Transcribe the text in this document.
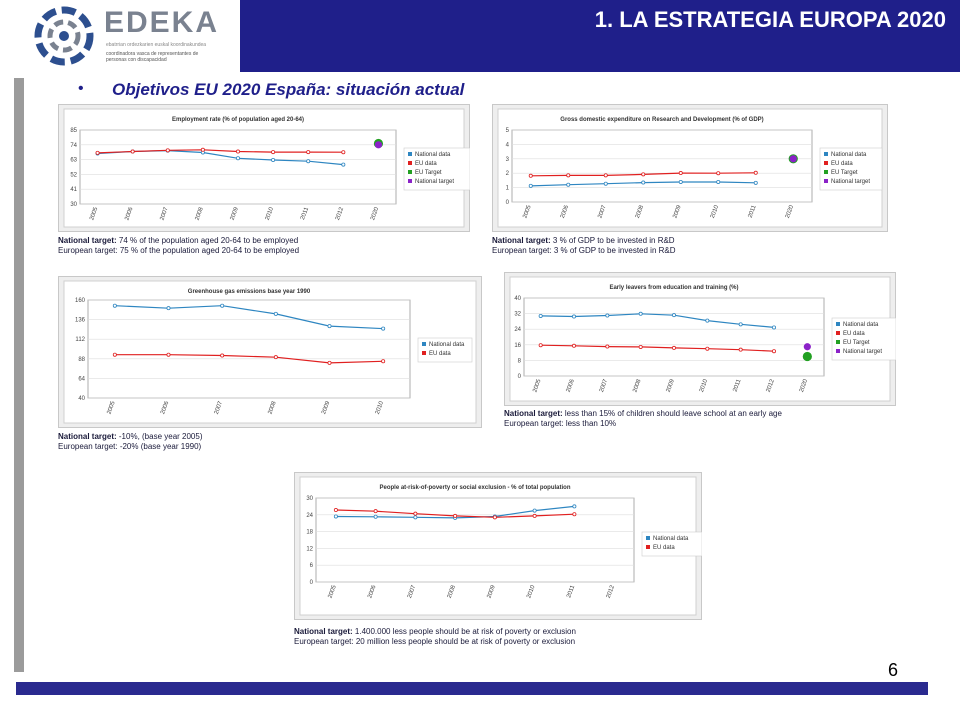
1. LA ESTRATEGIA EUROPA 2020
EDEKA
ebatrrian ordezkarien euskal koordinakundea
coordinadora vasca de representantes de personas con discapacidad
• Objetivos EU 2020 España: situación actual
Employment rate (% of population aged 20-64)
30
41
52
63
74
85
2005	2006	2007	2008	2009	2010	2011	2012	2020
National data
EU data
EU Target
National target
Gross domestic expenditure on Research and Development (% of GDP)
0
1
2
3
4
5
2005	2006	2007	2008	2009	2010	2011	2020
National data
EU data
EU Target
National target
Greenhouse gas emissions base year 1990
40
64
88
112
136
160
2005	2006	2007	2008	2009	2010
National data
EU data
Early leavers from education and training (%)
0
8
16
24
32
40
2005	2006	2007	2008	2009	2010	2011	2012	2020
National data
EU data
EU Target
National target
People at-risk-of-poverty or social exclusion - % of total population
0
6
12
18
24
30
2005	2006	2007	2008	2009	2010	2011	2012
National data
EU data
National target: 74 % of the population aged 20-64 to be employed
European target: 75 % of the population aged 20-64 to be employed
National target: 3 % of GDP to be invested in R&D
European target: 3 % of GDP to be invested in R&D
National target: -10%, (base year 2005)
European target: -20% (base year 1990)
National target: less than 15% of children should leave school at an early age
European target: less than 10%
National target: 1.400.000 less people should be at risk of poverty or exclusion
European target: 20 million less people should be at risk of poverty or exclusion
6
